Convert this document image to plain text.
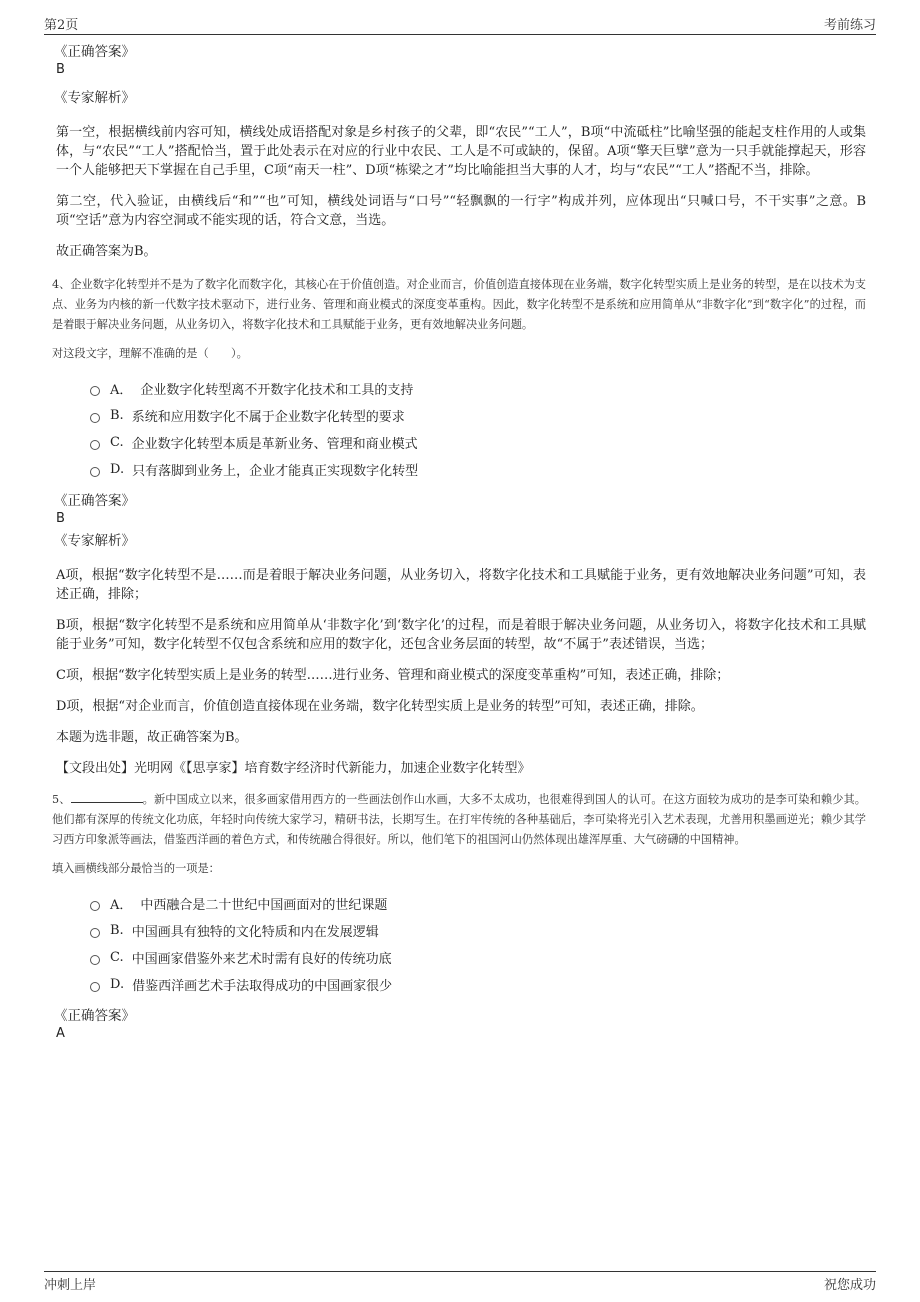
第2页	考前练习
《正确答案》
B
《专家解析》
第一空，根据横线前内容可知，横线处成语搭配对象是乡村孩子的父辈，即“农民”“工人”，B项“中流砥柱”比喻坚强的能起支柱作用的人或集体，与“农民”“工人”搭配恰当，置于此处表示在对应的行业中农民、工人是不可或缺的，保留。A项“擎天巨擘”意为一只手就能撑起天，形容一个人能够把天下掌握在自己手里，C项“南天一柱”、D项“栋梁之才”均比喻能担当大事的人才，均与“农民”“工人”搭配不当，排除。
第二空，代入验证，由横线后“和”“也”可知，横线处词语与“口号”“轻飘飘的一行字”构成并列，应体现出“只喊口号，不干实事”之意。B项“空话”意为内容空洞或不能实现的话，符合文意，当选。
故正确答案为B。
4、企业数字化转型并不是为了数字化而数字化，其核心在于价值创造。对企业而言，价值创造直接体现在业务端，数字化转型实质上是业务的转型，是在以技术为支点、业务为内核的新一代数字技术驱动下，进行业务、管理和商业模式的深度变革重构。因此，数字化转型不是系统和应用简单从“非数字化”到“数字化”的过程，而是着眼于解决业务问题，从业务切入，将数字化技术和工具赋能于业务，更有效地解决业务问题。
对这段文字，理解不准确的是（　　）。
A． 企业数字化转型离不开数字化技术和工具的支持
B. 系统和应用数字化不属于企业数字化转型的要求
C. 企业数字化转型本质是革新业务、管理和商业模式
D. 只有落脚到业务上，企业才能真正实现数字化转型
《正确答案》
B
《专家解析》
A项，根据“数字化转型不是……而是着眼于解决业务问题，从业务切入，将数字化技术和工具赋能于业务，更有效地解决业务问题”可知，表述正确，排除；
B项，根据“数字化转型不是系统和应用简单从‘非数字化’到‘数字化’的过程，而是着眼于解决业务问题，从业务切入，将数字化技术和工具赋能于业务”可知，数字化转型不仅包含系统和应用的数字化，还包含业务层面的转型，故“不属于”表述错误，当选；
C项，根据“数字化转型实质上是业务的转型……进行业务、管理和商业模式的深度变革重构”可知，表述正确，排除；
D项，根据“对企业而言，价值创造直接体现在业务端，数字化转型实质上是业务的转型”可知，表述正确，排除。
本题为选非题，故正确答案为B。
【文段出处】光明网《【思享家】培育数字经济时代新能力，加速企业数字化转型》
5、	。新中国成立以来，很多画家借用西方的一些画法创作山水画，大多不太成功，也很难得到国人的认可。在这方面较为成功的是李可染和赖少其。他们都有深厚的传统文化功底，年轻时向传统大家学习，精研书法，长期写生。在打牢传统的各种基础后，李可染将光引入艺术表现，尤善用积墨画逆光；赖少其学习西方印象派等画法，借鉴西洋画的着色方式，和传统融合得很好。所以，他们笔下的祖国河山仍然体现出雄浑厚重、大气磅礴的中国精神。
填入画横线部分最恰当的一项是：
A． 中西融合是二十世纪中国画面对的世纪课题
B. 中国画具有独特的文化特质和内在发展逻辑
C. 中国画家借鉴外来艺术时需有良好的传统功底
D. 借鉴西洋画艺术手法取得成功的中国画家很少
《正确答案》
A
冲刺上岸	祝您成功
